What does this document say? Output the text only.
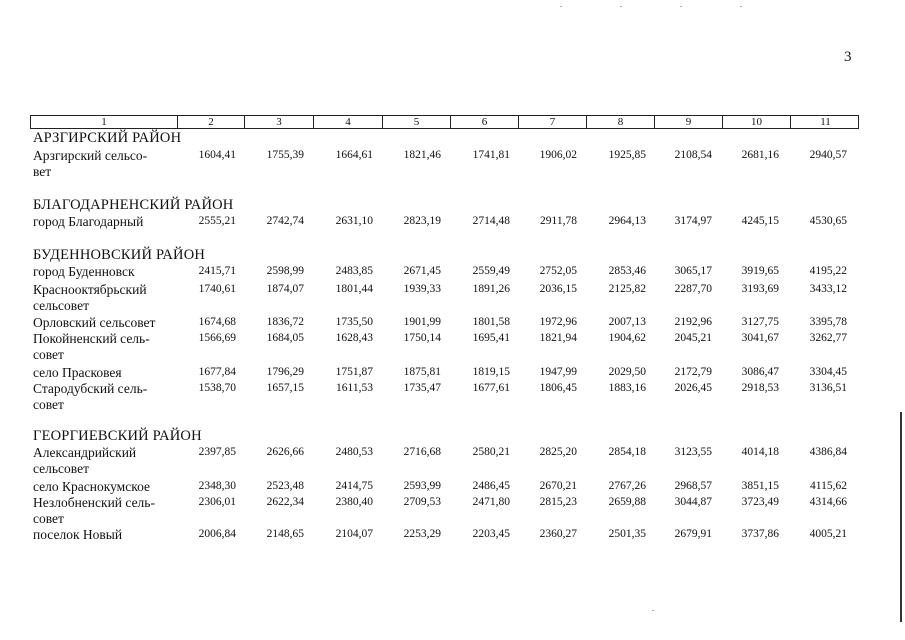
3
1	2	3	4	5	6	7	8	9	10	11
АРЗГИРСКИЙ РАЙОН
Арзгирский сельсо-
вет
1604,41	1755,39	1664,61	1821,46	1741,81	1906,02	1925,85	2108,54	2681,16	2940,57
БЛАГОДАРНЕНСКИЙ РАЙОН
город Благодарный	2555,21	2742,74	2631,10	2823,19	2714,48	2911,78	2964,13	3174,97	4245,15	4530,65
БУДЕННОВСКИЙ РАЙОН
город Буденновск	2415,71	2598,99	2483,85	2671,45	2559,49	2752,05	2853,46	3065,17	3919,65	4195,22
Краснооктябрьский
сельсовет
1740,61	1874,07	1801,44	1939,33	1891,26	2036,15	2125,82	2287,70	3193,69	3433,12
Орловский сельсовет	1674,68	1836,72	1735,50	1901,99	1801,58	1972,96	2007,13	2192,96	3127,75	3395,78
Покойненский сель-
совет
1566,69	1684,05	1628,43	1750,14	1695,41	1821,94	1904,62	2045,21	3041,67	3262,77
село Прасковея	1677,84	1796,29	1751,87	1875,81	1819,15	1947,99	2029,50	2172,79	3086,47	3304,45
Стародубский сель-
совет
1538,70	1657,15	1611,53	1735,47	1677,61	1806,45	1883,16	2026,45	2918,53	3136,51
ГЕОРГИЕВСКИЙ РАЙОН
Александрийский
сельсовет
2397,85	2626,66	2480,53	2716,68	2580,21	2825,20	2854,18	3123,55	4014,18	4386,84
село Краснокумское	2348,30	2523,48	2414,75	2593,99	2486,45	2670,21	2767,26	2968,57	3851,15	4115,62
Незлобненский сель-
совет
2306,01	2622,34	2380,40	2709,53	2471,80	2815,23	2659,88	3044,87	3723,49	4314,66
поселок Новый	2006,84	2148,65	2104,07	2253,29	2203,45	2360,27	2501,35	2679,91	3737,86	4005,21
